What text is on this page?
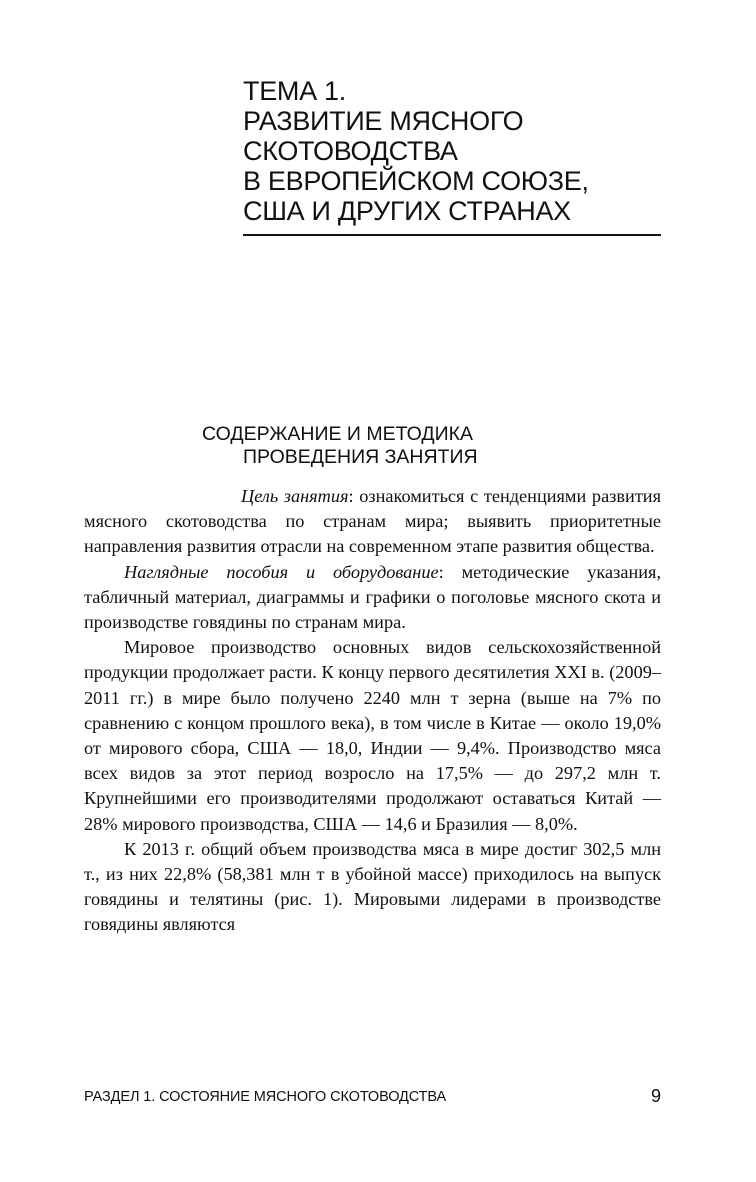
ТЕМА 1.
РАЗВИТИЕ МЯСНОГО
СКОТОВОДСТВА
В ЕВРОПЕЙСКОМ СОЮЗЕ,
США И ДРУГИХ СТРАНАХ
СОДЕРЖАНИЕ И МЕТОДИКА
ПРОВЕДЕНИЯ ЗАНЯТИЯ

Цель занятия: ознакомиться с тенденциями развития мясного скотоводства по странам мира; выявить приоритетные направления развития отрасли на современном этапе развития общества.

Наглядные пособия и оборудование: методические указания, табличный материал, диаграммы и графики о поголовье мясного скота и производстве говядины по странам мира.

Мировое производство основных видов сельскохозяйственной продукции продолжает расти. К концу первого десятилетия XXI в. (2009–2011 гг.) в мире было получено 2240 млн т зерна (выше на 7% по сравнению с концом прошлого века), в том числе в Китае — около 19,0% от мирового сбора, США — 18,0, Индии — 9,4%. Производство мяса всех видов за этот период возросло на 17,5% — до 297,2 млн т. Крупнейшими его производителями продолжают оставаться Китай — 28% мирового производства, США — 14,6 и Бразилия — 8,0%.

К 2013 г. общий объем производства мяса в мире достиг 302,5 млн т., из них 22,8% (58,381 млн т в убойной массе) приходилось на выпуск говядины и телятины (рис. 1). Мировыми лидерами в производстве говядины являются

РАЗДЕЛ 1. СОСТОЯНИЕ МЯСНОГО СКОТОВОДСТВА	9
